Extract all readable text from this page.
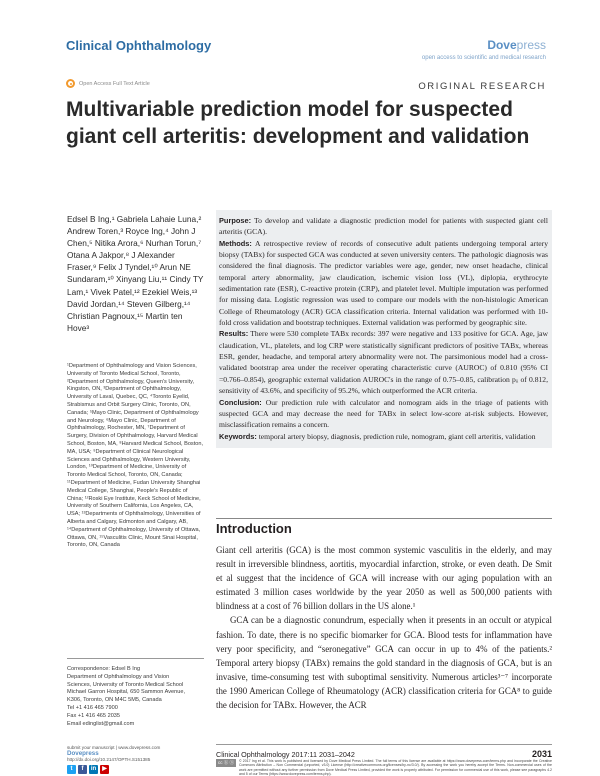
Clinical Ophthalmology	Dovepress
open access to scientific and medical research
Open Access Full Text Article	ORIGINAL RESEARCH
Multivariable prediction model for suspected giant cell arteritis: development and validation
Edsel B Ing,¹ Gabriela Lahaie Luna,² Andrew Toren,³ Royce Ing,⁴ John J Chen,⁵ Nitika Arora,⁶ Nurhan Torun,⁷ Otana A Jakpor,⁸ J Alexander Fraser,⁹ Felix J Tyndel,¹⁰ Arun NE Sundaram,¹⁰ Xinyang Liu,¹¹ Cindy TY Lam,¹ Vivek Patel,¹² Ezekiel Weis,¹³ David Jordan,¹⁴ Steven Gilberg,¹⁴ Christian Pagnoux,¹⁵ Martin ten Hove³
¹Department of Ophthalmology and Vision Sciences, University of Toronto Medical School, Toronto, ²Department of Ophthalmology, Queen's University, Kingston, ON, ³Department of Ophthalmology, University of Laval, Quebec, QC, ⁴Toronto Eyelid, Strabismus and Orbit Surgery Clinic, Toronto, ON, Canada; ⁵Mayo Clinic, Department of Ophthalmology and Neurology, ⁶Mayo Clinic, Department of Ophthalmology, Rochester, MN, ⁷Department of Surgery, Division of Ophthalmology, Harvard Medical School, Boston, MA, ⁸Harvard Medical School, Boston, MA, USA; ⁹Department of Clinical Neurological Sciences and Ophthalmology, Western University, London, ¹⁰Department of Medicine, University of Toronto Medical School, Toronto, ON, Canada; ¹¹Department of Medicine, Fudan University Shanghai Medical College, Shanghai, People's Republic of China; ¹²Roski Eye Institute, Keck School of Medicine, University of Southern California, Los Angeles, CA, USA; ¹³Departments of Ophthalmology, Universities of Alberta and Calgary, Edmonton and Calgary, AB, ¹⁴Department of Ophthalmology, University of Ottawa, Ottawa, ON, ¹⁵Vasculitis Clinic, Mount Sinai Hospital, Toronto, ON, Canada
Correspondence: Edsel B Ing
Department of Ophthalmology and Vision
Sciences, University of Toronto Medical School
Michael Garron Hospital, 650 Sammon Avenue,
K306, Toronto, ON M4C 5M5, Canada
Tel +1 416 465 7900
Fax +1 416 465 2035
Email edinglist@gmail.com

Purpose: To develop and validate a diagnostic prediction model for patients with suspected giant cell arteritis (GCA).

Methods: A retrospective review of records of consecutive adult patients undergoing temporal artery biopsy (TABx) for suspected GCA was conducted at seven university centers. The pathologic diagnosis was considered the final diagnosis. The predictor variables were age, gender, new onset headache, clinical temporal artery abnormality, jaw claudication, ischemic vision loss (VL), diplopia, erythrocyte sedimentation rate (ESR), C-reactive protein (CRP), and platelet level. Multiple imputation was performed for missing data. Logistic regression was used to compare our models with the non-histologic American College of Rheumatology (ACR) GCA classification criteria. Internal validation was performed with 10-fold cross validation and bootstrap techniques. External validation was performed by geographic site.

Results: There were 530 complete TABx records: 397 were negative and 133 positive for GCA. Age, jaw claudication, VL, platelets, and log CRP were statistically significant predictors of positive TABx, whereas ESR, gender, headache, and temporal artery abnormality were not. The parsimonious model had a cross-validated bootstrap area under the receiver operating characteristic curve (AUROC) of 0.810 (95% CI =0.766–0.854), geographic external validation AUROC's in the range of 0.75–0.85, calibration pᵢᵢ of 0.812, sensitivity of 43.6%, and specificity of 95.2%, which outperformed the ACR criteria.

Conclusion: Our prediction rule with calculator and nomogram aids in the triage of patients with suspected GCA and may decrease the need for TABx in select low-score at-risk subjects. However, misclassification remains a concern.

Keywords: temporal artery biopsy, diagnosis, prediction rule, nomogram, giant cell arteritis, validation

Introduction

Giant cell arteritis (GCA) is the most common systemic vasculitis in the elderly, and may result in irreversible blindness, aortitis, myocardial infarction, stroke, or even death. De Smit et al suggest that the incidence of GCA will increase with our aging population with an estimated 3 million cases worldwide by the year 2050 as well as 500,000 patients with blindness at a cost of 76 billion dollars in the US alone.¹

GCA can be a diagnostic conundrum, especially when it presents in an occult or atypical fashion. To date, there is no specific biomarker for GCA. Blood tests for inflammation have very poor specificity, and “seronegative” GCA can occur in up to 4% of the patients.² Temporal artery biopsy (TABx) remains the gold standard in the diagnosis of GCA, but is an invasive, time-consuming test with suboptimal sensitivity. Numerous articles³⁻⁷ incorporate the 1990 American College of Rheumatology (ACR) classification criteria for GCA⁸ to guide the decision for TABx. However, the ACR

submit your manuscript | www.dovepress.com
Dovepress
http://dx.doi.org/10.2147/OPTH.S151385
t	f	in	▶
Clinical Ophthalmology 2017:11 2031–2042	2031
cc ⓑ ⓝ	© 2017 Ing et al. This work is published and licensed by Dove Medical Press Limited. The full terms of this license are available at https://www.dovepress.com/terms.php and incorporate the Creative Commons Attribution – Non Commercial (unported, v3.0) License (http://creativecommons.org/licenses/by-nc/3.0/). By accessing the work you hereby accept the Terms. Non-commercial uses of the work are permitted without any further permission from Dove Medical Press Limited, provided the work is properly attributed. For permission for commercial use of this work, please see paragraphs 4.2 and 5 of our Terms (https://www.dovepress.com/terms.php).
